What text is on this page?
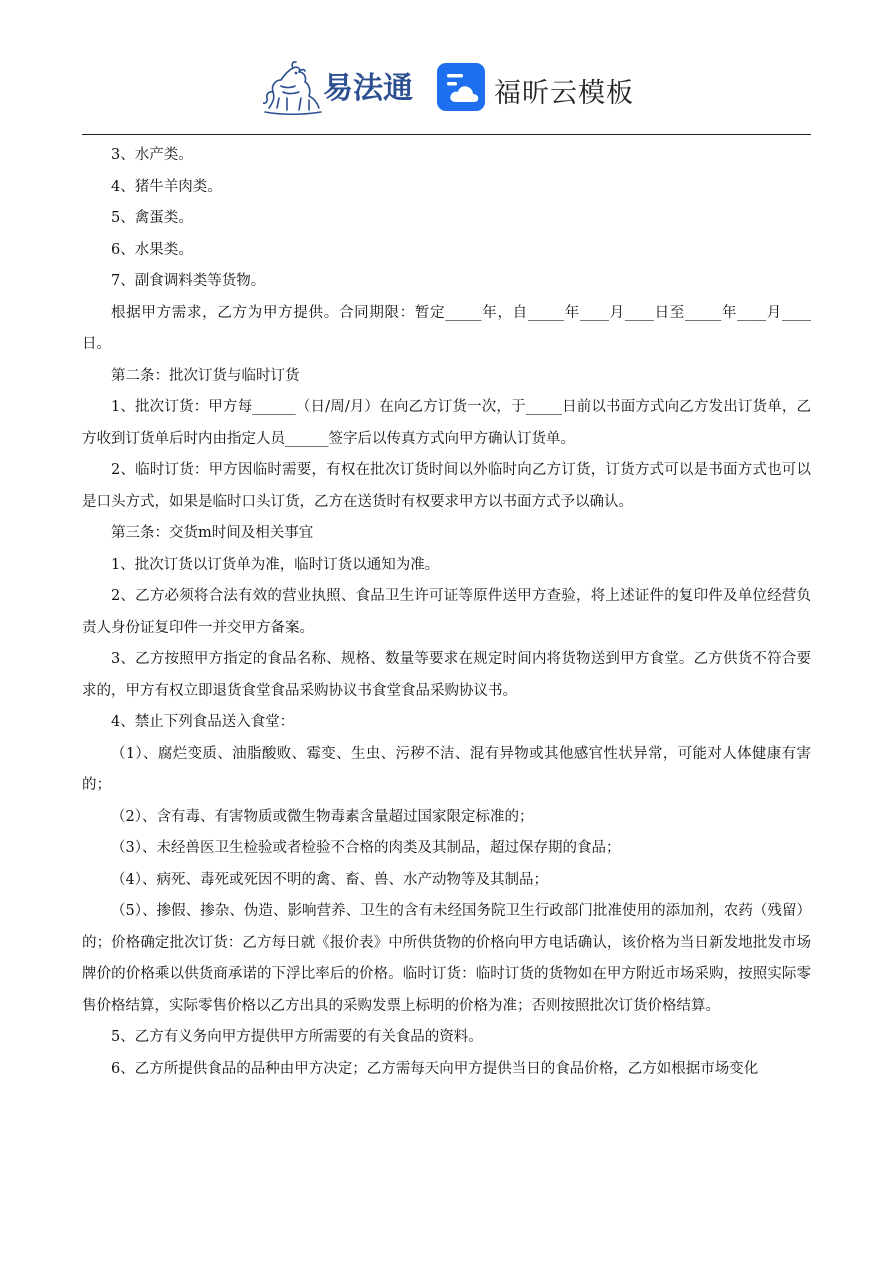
易法通	福昕云模板

3、水产类。

4、猪牛羊肉类。

5、禽蛋类。

6、水果类。

7、副食调料类等货物。

根据甲方需求，乙方为甲方提供。合同期限：暂定_____年，自_____年____月____日至_____年____月____日。

第二条：批次订货与临时订货

1、批次订货：甲方每______（日/周/月）在向乙方订货一次，于_____日前以书面方式向乙方发出订货单，乙方收到订货单后时内由指定人员______签字后以传真方式向甲方确认订货单。

2、临时订货：甲方因临时需要，有权在批次订货时间以外临时向乙方订货，订货方式可以是书面方式也可以是口头方式，如果是临时口头订货，乙方在送货时有权要求甲方以书面方式予以确认。

第三条：交货m时间及相关事宜

1、批次订货以订货单为准，临时订货以通知为准。

2、乙方必须将合法有效的营业执照、食品卫生许可证等原件送甲方查验，将上述证件的复印件及单位经营负责人身份证复印件一并交甲方备案。

3、乙方按照甲方指定的食品名称、规格、数量等要求在规定时间内将货物送到甲方食堂。乙方供货不符合要求的，甲方有权立即退货食堂食品采购协议书食堂食品采购协议书。

4、禁止下列食品送入食堂：

（1）、腐烂变质、油脂酸败、霉变、生虫、污秽不洁、混有异物或其他感官性状异常，可能对人体健康有害的；

（2）、含有毒、有害物质或微生物毒素含量超过国家限定标准的；

（3）、未经兽医卫生检验或者检验不合格的肉类及其制品，超过保存期的食品；

（4）、病死、毒死或死因不明的禽、畜、兽、水产动物等及其制品；

（5）、掺假、掺杂、伪造、影响营养、卫生的含有未经国务院卫生行政部门批准使用的添加剂，农药（残留）的；价格确定批次订货：乙方每日就《报价表》中所供货物的价格向甲方电话确认，该价格为当日新发地批发市场牌价的价格乘以供货商承诺的下浮比率后的价格。临时订货：临时订货的货物如在甲方附近市场采购，按照实际零售价格结算，实际零售价格以乙方出具的采购发票上标明的价格为准；否则按照批次订货价格结算。

5、乙方有义务向甲方提供甲方所需要的有关食品的资料。

6、乙方所提供食品的品种由甲方决定；乙方需每天向甲方提供当日的食品价格，乙方如根据市场变化
